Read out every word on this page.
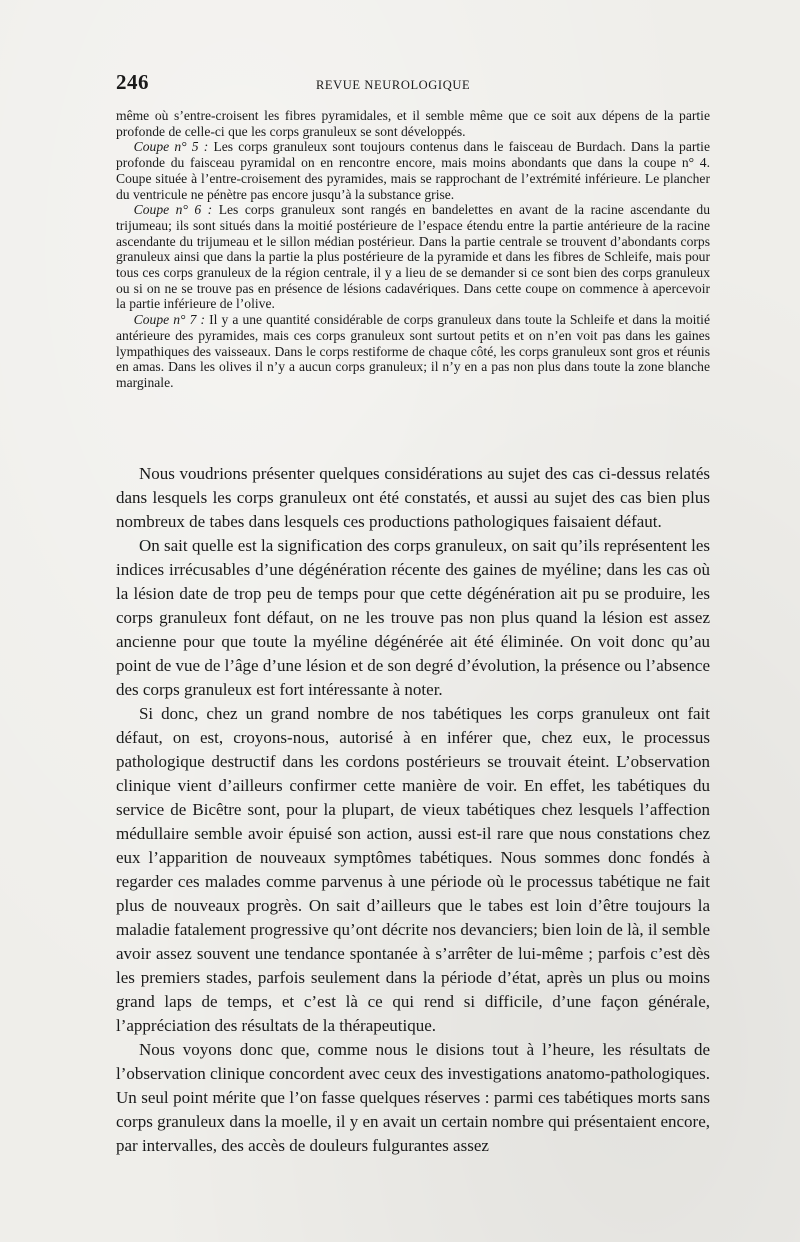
246	REVUE NEUROLOGIQUE

même où s’entre-croisent les fibres pyramidales, et il semble même que ce soit aux dépens de la partie profonde de celle-ci que les corps granuleux se sont développés.

Coupe n° 5 : Les corps granuleux sont toujours contenus dans le faisceau de Burdach. Dans la partie profonde du faisceau pyramidal on en rencontre encore, mais moins abondants que dans la coupe n° 4. Coupe située à l’entre-croisement des pyramides, mais se rapprochant de l’extrémité inférieure. Le plancher du ventricule ne pénètre pas encore jusqu’à la substance grise.

Coupe n° 6 : Les corps granuleux sont rangés en bandelettes en avant de la racine ascendante du trijumeau; ils sont situés dans la moitié postérieure de l’espace étendu entre la partie antérieure de la racine ascendante du trijumeau et le sillon médian postérieur. Dans la partie centrale se trouvent d’abondants corps granuleux ainsi que dans la partie la plus postérieure de la pyramide et dans les fibres de Schleife, mais pour tous ces corps granuleux de la région centrale, il y a lieu de se demander si ce sont bien des corps granuleux ou si on ne se trouve pas en présence de lésions cadavériques. Dans cette coupe on commence à apercevoir la partie inférieure de l’olive.

Coupe n° 7 : Il y a une quantité considérable de corps granuleux dans toute la Schleife et dans la moitié antérieure des pyramides, mais ces corps granuleux sont surtout petits et on n’en voit pas dans les gaines lympathiques des vaisseaux. Dans le corps restiforme de chaque côté, les corps granuleux sont gros et réunis en amas. Dans les olives il n’y a aucun corps granuleux; il n’y en a pas non plus dans toute la zone blanche marginale.

Nous voudrions présenter quelques considérations au sujet des cas ci-dessus relatés dans lesquels les corps granuleux ont été constatés, et aussi au sujet des cas bien plus nombreux de tabes dans lesquels ces productions pathologiques faisaient défaut.

On sait quelle est la signification des corps granuleux, on sait qu’ils représentent les indices irrécusables d’une dégénération récente des gaines de myéline; dans les cas où la lésion date de trop peu de temps pour que cette dégénération ait pu se produire, les corps granuleux font défaut, on ne les trouve pas non plus quand la lésion est assez ancienne pour que toute la myéline dégénérée ait été éliminée. On voit donc qu’au point de vue de l’âge d’une lésion et de son degré d’évolution, la présence ou l’absence des corps granuleux est fort intéressante à noter.

Si donc, chez un grand nombre de nos tabétiques les corps granuleux ont fait défaut, on est, croyons-nous, autorisé à en inférer que, chez eux, le processus pathologique destructif dans les cordons postérieurs se trouvait éteint. L’observation clinique vient d’ailleurs confirmer cette manière de voir. En effet, les tabétiques du service de Bicêtre sont, pour la plupart, de vieux tabétiques chez lesquels l’affection médullaire semble avoir épuisé son action, aussi est-il rare que nous constations chez eux l’apparition de nouveaux symptômes tabétiques. Nous sommes donc fondés à regarder ces malades comme parvenus à une période où le processus tabétique ne fait plus de nouveaux progrès. On sait d’ailleurs que le tabes est loin d’être toujours la maladie fatalement progressive qu’ont décrite nos devanciers; bien loin de là, il semble avoir assez souvent une tendance spontanée à s’arrêter de lui-même ; parfois c’est dès les premiers stades, parfois seulement dans la période d’état, après un plus ou moins grand laps de temps, et c’est là ce qui rend si difficile, d’une façon générale, l’appréciation des résultats de la thérapeutique.

Nous voyons donc que, comme nous le disions tout à l’heure, les résultats de l’observation clinique concordent avec ceux des investigations anatomo-pathologiques. Un seul point mérite que l’on fasse quelques réserves : parmi ces tabétiques morts sans corps granuleux dans la moelle, il y en avait un certain nombre qui présentaient encore, par intervalles, des accès de douleurs fulgurantes assez
